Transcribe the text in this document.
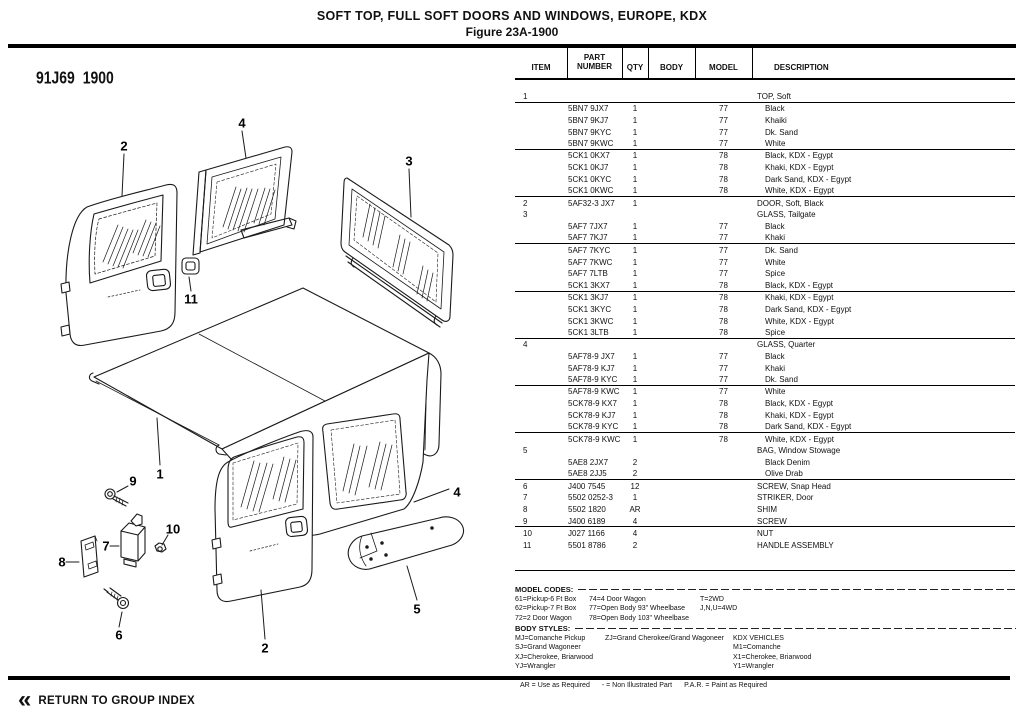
SOFT TOP, FULL SOFT DOORS AND WINDOWS, EUROPE, KDX
Figure 23A-1900
91J69 1900
2
4
3
11
1
9
10
7
8
6
2
4
5
ITEM
PART
NUMBER	QTY	BODY	MODEL	DESCRIPTION
1	TOP, Soft
5BN7 9JX7	1	77	Black
5BN7 9KJ7	1	77	Khaiki
5BN7 9KYC	1	77	Dk. Sand
5BN7 9KWC	1	77	White
5CK1 0KX7	1	78	Black, KDX - Egypt
5CK1 0KJ7	1	78	Khaki, KDX - Egypt
5CK1 0KYC	1	78	Dark Sand, KDX - Egypt
5CK1 0KWC	1	78	White, KDX - Egypt
2	5AF32-3 JX7	1	DOOR, Soft, Black
3	GLASS, Tailgate
5AF7 7JX7	1	77	Black
5AF7 7KJ7	1	77	Khaki
5AF7 7KYC	1	77	Dk. Sand
5AF7 7KWC	1	77	White
5AF7 7LTB	1	77	Spice
5CK1 3KX7	1	78	Black, KDX - Egypt
5CK1 3KJ7	1	78	Khaki, KDX - Egypt
5CK1 3KYC	1	78	Dark Sand, KDX - Egypt
5CK1 3KWC	1	78	White, KDX - Egypt
5CK1 3LTB	1	78	Spice
4	GLASS, Quarter
5AF78-9 JX7	1	77	Black
5AF78-9 KJ7	1	77	Khaki
5AF78-9 KYC	1	77	Dk. Sand
5AF78-9 KWC	1	77	White
5CK78-9 KX7	1	78	Black, KDX - Egypt
5CK78-9 KJ7	1	78	Khaki, KDX - Egypt
5CK78-9 KYC	1	78	Dark Sand, KDX - Egypt
5CK78-9 KWC	1	78	White, KDX - Egypt
5	BAG, Window Stowage
5AE8 2JX7	2	Black Denim
5AE8 2JJ5	2	Olive Drab
6	J400 7545	12	SCREW, Snap Head
7	5502 0252-3	1	STRIKER, Door
8	5502 1820	AR	SHIM
9	J400 6189	4	SCREW
10	J027 1166	4	NUT
11	5501 8786	2	HANDLE ASSEMBLY
MODEL CODES:
61=Pickup-6 Ft Box
62=Pickup-7 Ft Box
72=2 Door Wagon
74=4 Door Wagon
77=Open Body 93" Wheelbase
78=Open Body 103" Wheelbase
T=2WD
J,N,U=4WD
BODY STYLES:
MJ=Comanche Pickup
SJ=Grand Wagoneer
XJ=Cherokee, Briarwood
YJ=Wrangler
ZJ=Grand Cherokee/Grand Wagoneer KDX VEHICLES
M1=Comanche
X1=Cherokee, Briarwood
Y1=Wrangler
AR = Use as Required - = Non Illustrated Part P.A.R. = Paint as Required
« RETURN TO GROUP INDEX
